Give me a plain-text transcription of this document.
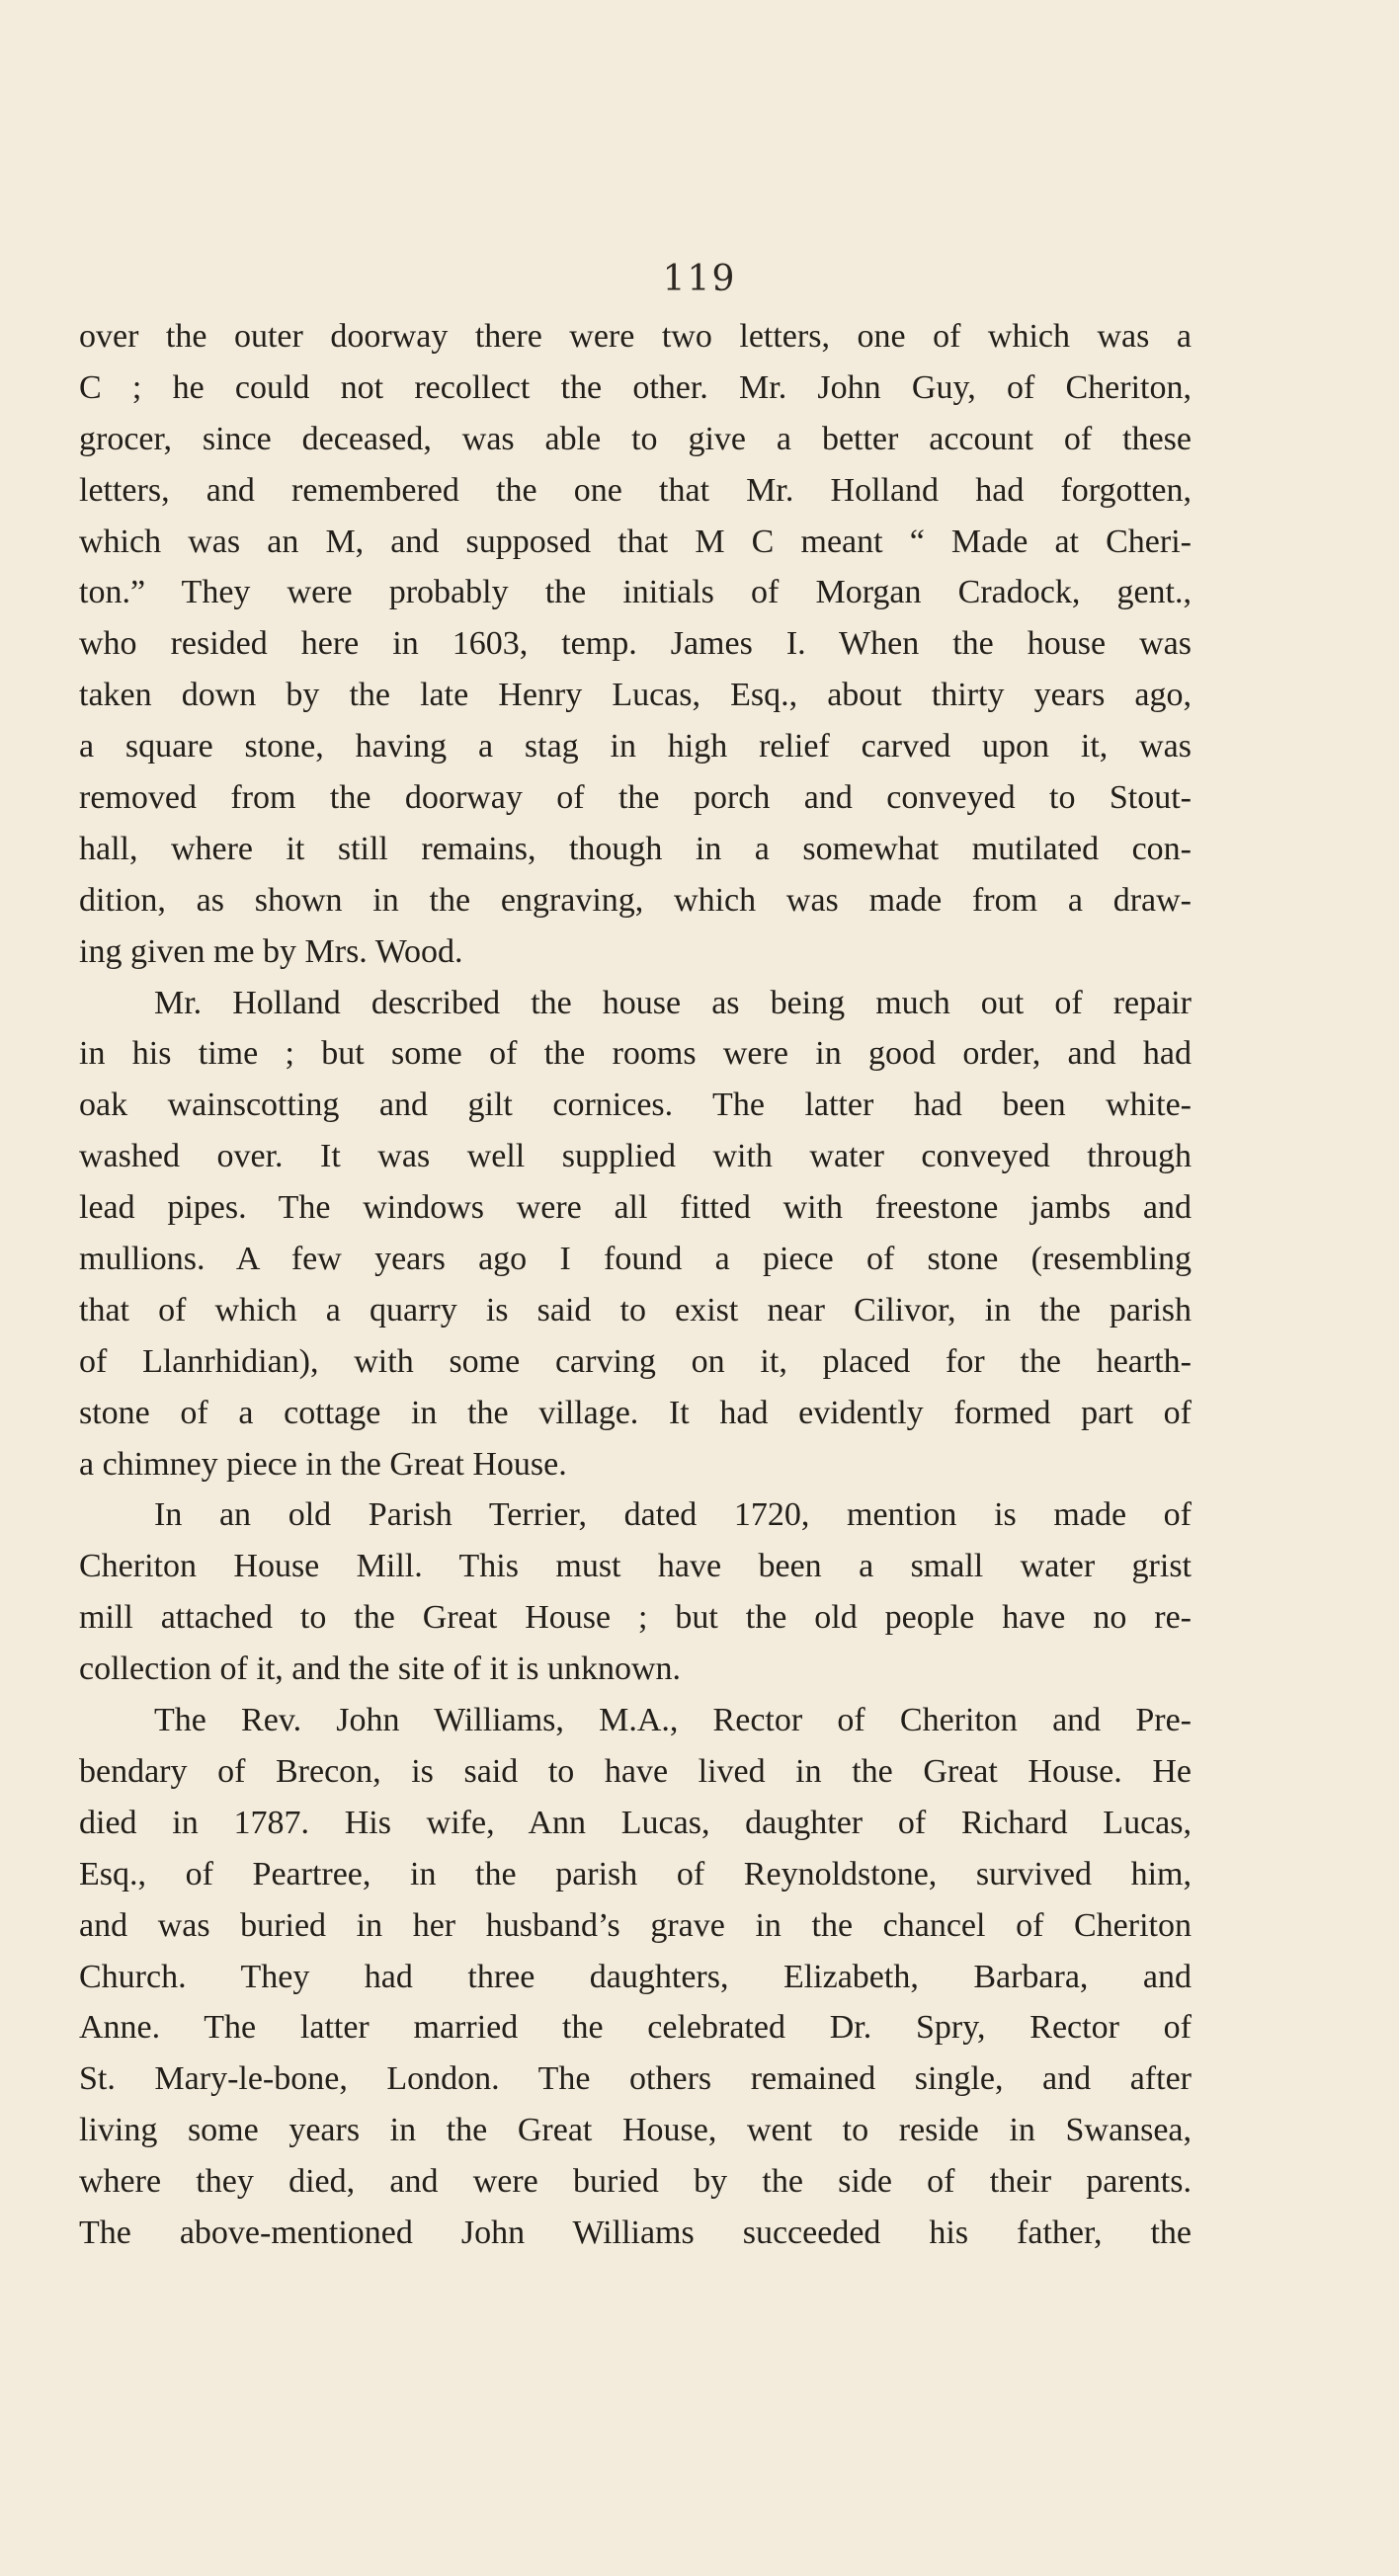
119
over the outer doorway there were two letters, one of which was a
C ; he could not recollect the other. Mr. John Guy, of Cheriton,
grocer, since deceased, was able to give a better account of these
letters, and remembered the one that Mr. Holland had forgotten,
which was an M, and supposed that M C meant “ Made at Cheri-
ton.” They were probably the initials of Morgan Cradock, gent.,
who resided here in 1603, temp. James I. When the house was
taken down by the late Henry Lucas, Esq., about thirty years ago,
a square stone, having a stag in high relief carved upon it, was
removed from the doorway of the porch and conveyed to Stout-
hall, where it still remains, though in a somewhat mutilated con-
dition, as shown in the engraving, which was made from a draw-
ing given me by Mrs. Wood.
Mr. Holland described the house as being much out of repair
in his time ; but some of the rooms were in good order, and had
oak wainscotting and gilt cornices. The latter had been white-
washed over. It was well supplied with water conveyed through
lead pipes. The windows were all fitted with freestone jambs and
mullions. A few years ago I found a piece of stone (resembling
that of which a quarry is said to exist near Cilivor, in the parish
of Llanrhidian), with some carving on it, placed for the hearth-
stone of a cottage in the village. It had evidently formed part of
a chimney piece in the Great House.
In an old Parish Terrier, dated 1720, mention is made of
Cheriton House Mill. This must have been a small water grist
mill attached to the Great House ; but the old people have no re-
collection of it, and the site of it is unknown.
The Rev. John Williams, M.A., Rector of Cheriton and Pre-
bendary of Brecon, is said to have lived in the Great House. He
died in 1787. His wife, Ann Lucas, daughter of Richard Lucas,
Esq., of Peartree, in the parish of Reynoldstone, survived him,
and was buried in her husband’s grave in the chancel of Cheriton
Church. They had three daughters, Elizabeth, Barbara, and
Anne. The latter married the celebrated Dr. Spry, Rector of
St. Mary-le-bone, London. The others remained single, and after
living some years in the Great House, went to reside in Swansea,
where they died, and were buried by the side of their parents.
The above-mentioned John Williams succeeded his father, the
